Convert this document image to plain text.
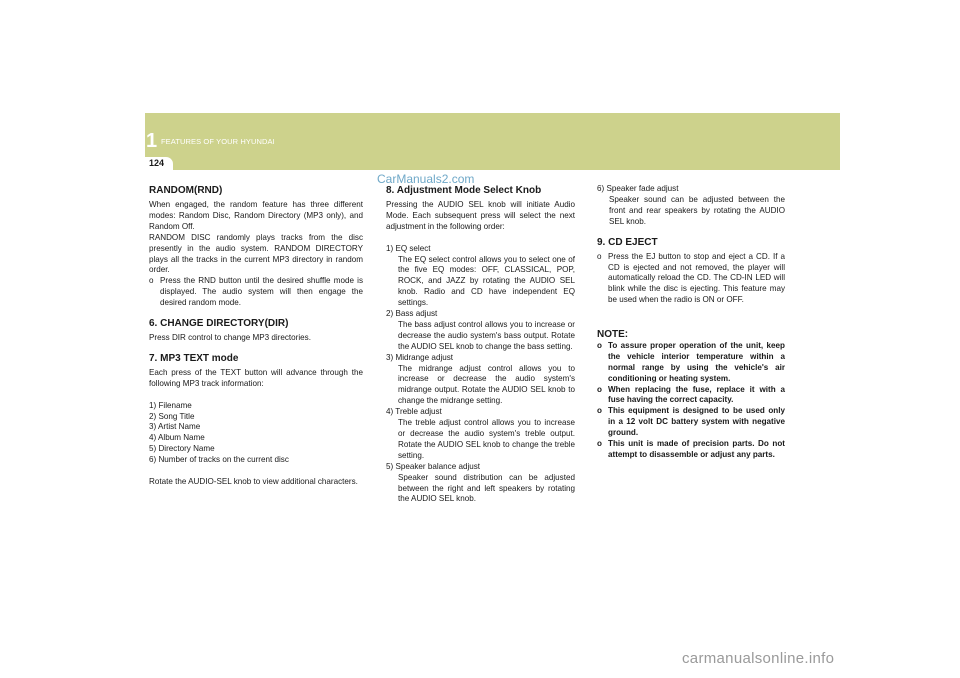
1 FEATURES OF YOUR HYUNDAI
124
CarManuals2.com
RANDOM(RND)

When engaged, the random feature has three different modes: Random Disc, Random Directory (MP3 only), and Random Off.

RANDOM DISC randomly plays tracks from the disc presently in the audio system. RANDOM DIRECTORY plays all the tracks in the current MP3 directory in random order.

o Press the RND button until the desired shuffle mode is displayed. The audio system will then engage the desired random mode.

6. CHANGE DIRECTORY(DIR)

Press DIR control to change MP3 directories.

7. MP3 TEXT mode

Each press of the TEXT button will advance through the following MP3 track information:

1) Filename

2) Song Title

3) Artist Name

4) Album Name

5) Directory Name

6) Number of tracks on the current disc

Rotate the AUDIO-SEL knob to view additional characters.

8. Adjustment Mode Select Knob

Pressing the AUDIO SEL knob will initiate Audio Mode. Each subsequent press will select the next adjustment in the following order:

1) EQ select

The EQ select control allows you to select one of the five EQ modes: OFF, CLASSICAL, POP, ROCK, and JAZZ by rotating the AUDIO SEL knob. Radio and CD have independent EQ settings.

2) Bass adjust

The bass adjust control allows you to increase or decrease the audio system's bass output. Rotate the AUDIO SEL knob to change the bass setting.

3) Midrange adjust

The midrange adjust control allows you to increase or decrease the audio system's midrange output. Rotate the AUDIO SEL knob to change the midrange setting.

4) Treble adjust

The treble adjust control allows you to increase or decrease the audio system's treble output. Rotate the AUDIO SEL knob to change the treble setting.

5) Speaker balance adjust

Speaker sound distribution can be adjusted between the right and left speakers by rotating the AUDIO SEL knob.

6) Speaker fade adjust

Speaker sound can be adjusted between the front and rear speakers by rotating the AUDIO SEL knob.

9. CD EJECT

o Press the EJ button to stop and eject a CD. If a CD is ejected and not removed, the player will automatically reload the CD. The CD-IN LED will blink while the disc is ejecting. This feature may be used when the radio is ON or OFF.

NOTE:

o To assure proper operation of the unit, keep the vehicle interior temperature within a normal range by using the vehicle's air conditioning or heating system.

o When replacing the fuse, replace it with a fuse having the correct capacity.

o This equipment is designed to be used only in a 12 volt DC battery system with negative ground.

o This unit is made of precision parts. Do not attempt to disassemble or adjust any parts.

carmanualsonline.info
